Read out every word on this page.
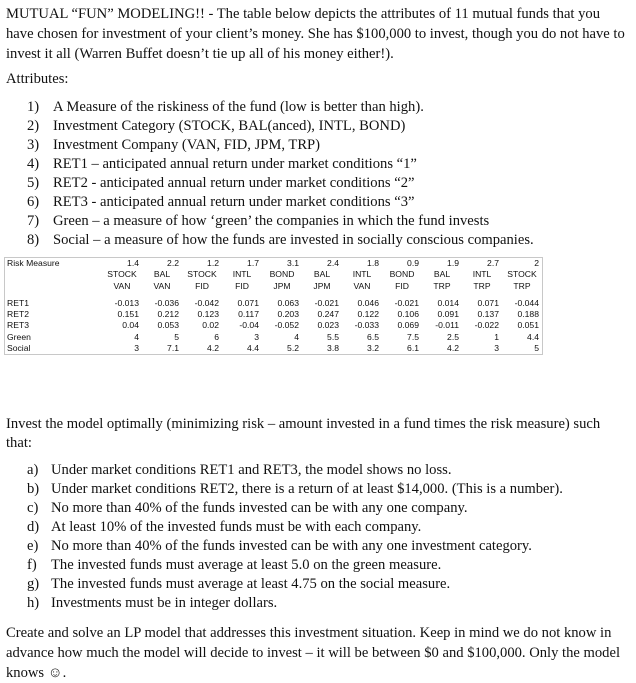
MUTUAL “FUN” MODELING!! - The table below depicts the attributes of 11 mutual funds that you have chosen for investment of your client’s money. She has $100,000 to invest, though you do not have to invest it all (Warren Buffet doesn’t tie up all of his money either!).
Attributes:
1) A Measure of the riskiness of the fund (low is better than high).
2) Investment Category (STOCK, BAL(anced), INTL, BOND)
3) Investment Company (VAN, FID, JPM, TRP)
4) RET1 – anticipated annual return under market conditions “1”
5) RET2 - anticipated annual return under market conditions “2”
6) RET3 - anticipated annual return under market conditions “3”
7) Green – a measure of how ‘green’ the companies in which the fund invests
8) Social – a measure of how the funds are invested in socially conscious companies.
Risk Measure	1.4	2.2	1.2	1.7	3.1	2.4	1.8	0.9	1.9	2.7	2
	STOCK	BAL	STOCK	INTL	BOND	BAL	INTL	BOND	BAL	INTL	STOCK
	VAN	VAN	FID	FID	JPM	JPM	VAN	FID	TRP	TRP	TRP

RET1	-0.013	-0.036	-0.042	0.071	0.063	-0.021	0.046	-0.021	0.014	0.071	-0.044
RET2	0.151	0.212	0.123	0.117	0.203	0.247	0.122	0.106	0.091	0.137	0.188
RET3	0.04	0.053	0.02	-0.04	-0.052	0.023	-0.033	0.069	-0.011	-0.022	0.051
Green	4	5	6	3	4	5.5	6.5	7.5	2.5	1	4.4
Social	3	7.1	4.2	4.4	5.2	3.8	3.2	6.1	4.2	3	5
Invest the model optimally (minimizing risk – amount invested in a fund times the risk measure) such that:
a) Under market conditions RET1 and RET3, the model shows no loss.
b) Under market conditions RET2, there is a return of at least $14,000. (This is a number).
c) No more than 40% of the funds invested can be with any one company.
d) At least 10% of the invested funds must be with each company.
e) No more than 40% of the funds invested can be with any one investment category.
f) The invested funds must average at least 5.0 on the green measure.
g) The invested funds must average at least 4.75 on the social measure.
h) Investments must be in integer dollars.
Create and solve an LP model that addresses this investment situation. Keep in mind we do not know in advance how much the model will decide to invest – it will be between $0 and $100,000. Only the model knows ☺.
